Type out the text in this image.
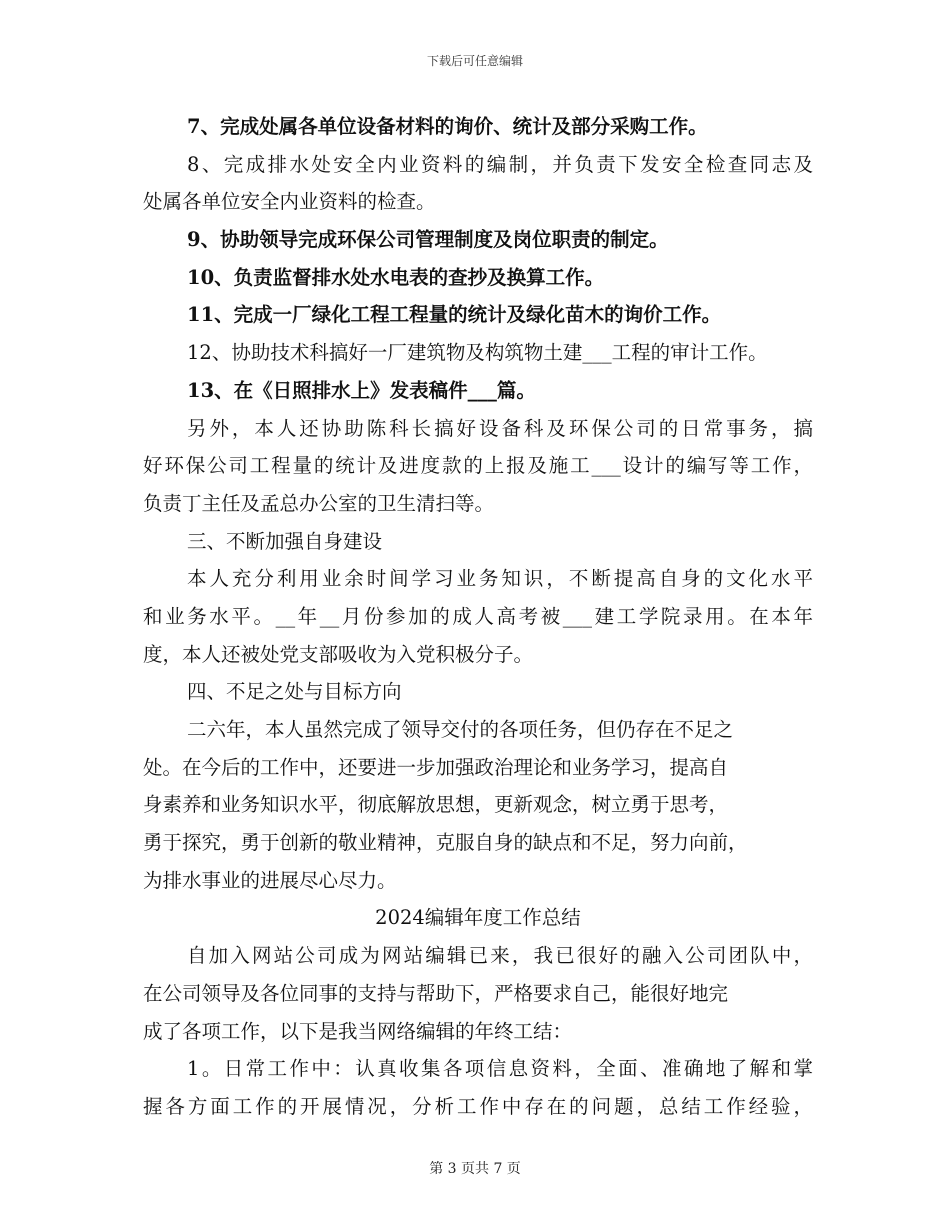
下载后可任意编辑
7、完成处属各单位设备材料的询价、统计及部分采购工作。
8、完成排水处安全内业资料的编制，并负责下发安全检查同志及
处属各单位安全内业资料的检查。
9、协助领导完成环保公司管理制度及岗位职责的制定。
10、负责监督排水处水电表的查抄及换算工作。
11、完成一厂绿化工程工程量的统计及绿化苗木的询价工作。
12、协助技术科搞好一厂建筑物及构筑物土建___工程的审计工作。
13、在《日照排水上》发表稿件___篇。
另外，本人还协助陈科长搞好设备科及环保公司的日常事务，搞
好环保公司工程量的统计及进度款的上报及施工___设计的编写等工作，
负责丁主任及孟总办公室的卫生清扫等。
三、不断加强自身建设
本人充分利用业余时间学习业务知识，不断提高自身的文化水平
和业务水平。__年__月份参加的成人高考被___建工学院录用。在本年
度，本人还被处党支部吸收为入党积极分子。
四、不足之处与目标方向
二六年，本人虽然完成了领导交付的各项任务，但仍存在不足之
处。在今后的工作中，还要进一步加强政治理论和业务学习，提高自
身素养和业务知识水平，彻底解放思想，更新观念，树立勇于思考，
勇于探究，勇于创新的敬业精神，克服自身的缺点和不足，努力向前，
为排水事业的进展尽心尽力。
2024编辑年度工作总结
自加入网站公司成为网站编辑已来，我已很好的融入公司团队中，
在公司领导及各位同事的支持与帮助下，严格要求自己，能很好地完
成了各项工作，以下是我当网络编辑的年终工结：
1。日常工作中：认真收集各项信息资料，全面、准确地了解和掌
握各方面工作的开展情况，分析工作中存在的问题，总结工作经验，
第 3 页共 7 页
